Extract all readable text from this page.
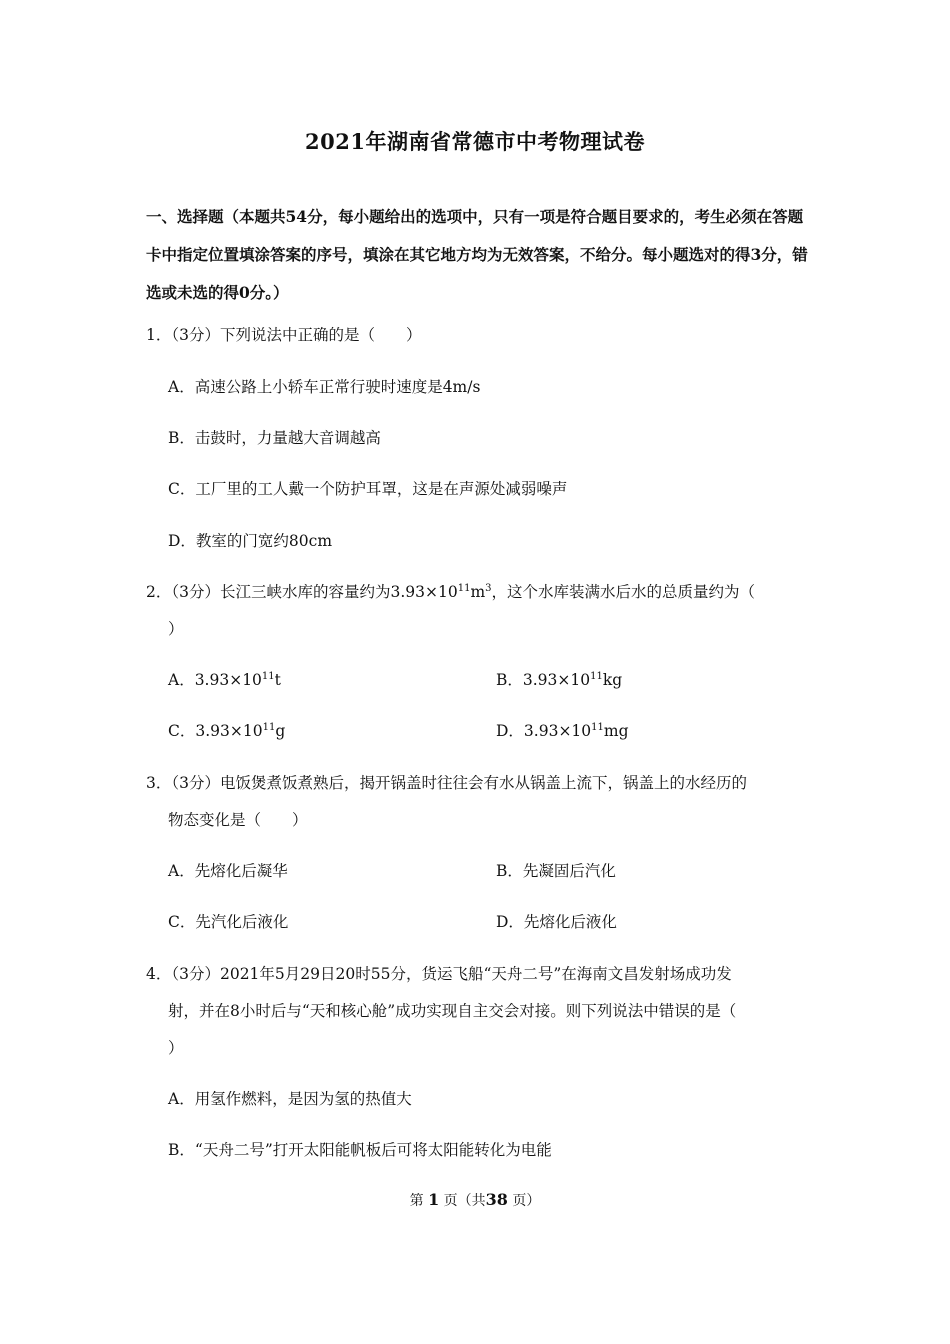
2021年湖南省常德市中考物理试卷
一、选择题（本题共54分，每小题给出的选项中，只有一项是符合题目要求的，考生必须在答题卡中指定位置填涂答案的序号，填涂在其它地方均为无效答案，不给分。每小题选对的得3分，错选或未选的得0分。）
1．（3分）下列说法中正确的是（　　）
A．高速公路上小轿车正常行驶时速度是4m/s
B．击鼓时，力量越大音调越高
C．工厂里的工人戴一个防护耳罩，这是在声源处减弱噪声
D．教室的门宽约80cm
2．（3分）长江三峡水库的容量约为$3.93\times 10^{11}m^3$，这个水库装满水后水的总质量约为（
）
A．$3.93\times 10^{11}t$	B．$3.93\times 10^{11}kg$
C．$3.93\times 10^{11}g$	D．$3.93\times 10^{11}mg$
3．（3分）电饭煲煮饭煮熟后，揭开锅盖时往往会有水从锅盖上流下，锅盖上的水经历的
物态变化是（　　）
A．先熔化后凝华	B．先凝固后汽化
C．先汽化后液化	D．先熔化后液化
4．（3分）2021年5月29日20时55分，货运飞船“天舟二号”在海南文昌发射场成功发
射，并在8小时后与“天和核心舱”成功实现自主交会对接。则下列说法中错误的是（
）
A．用氢作燃料，是因为氢的热值大
B．“天舟二号”打开太阳能帆板后可将太阳能转化为电能
第 1 页（共38 页）
